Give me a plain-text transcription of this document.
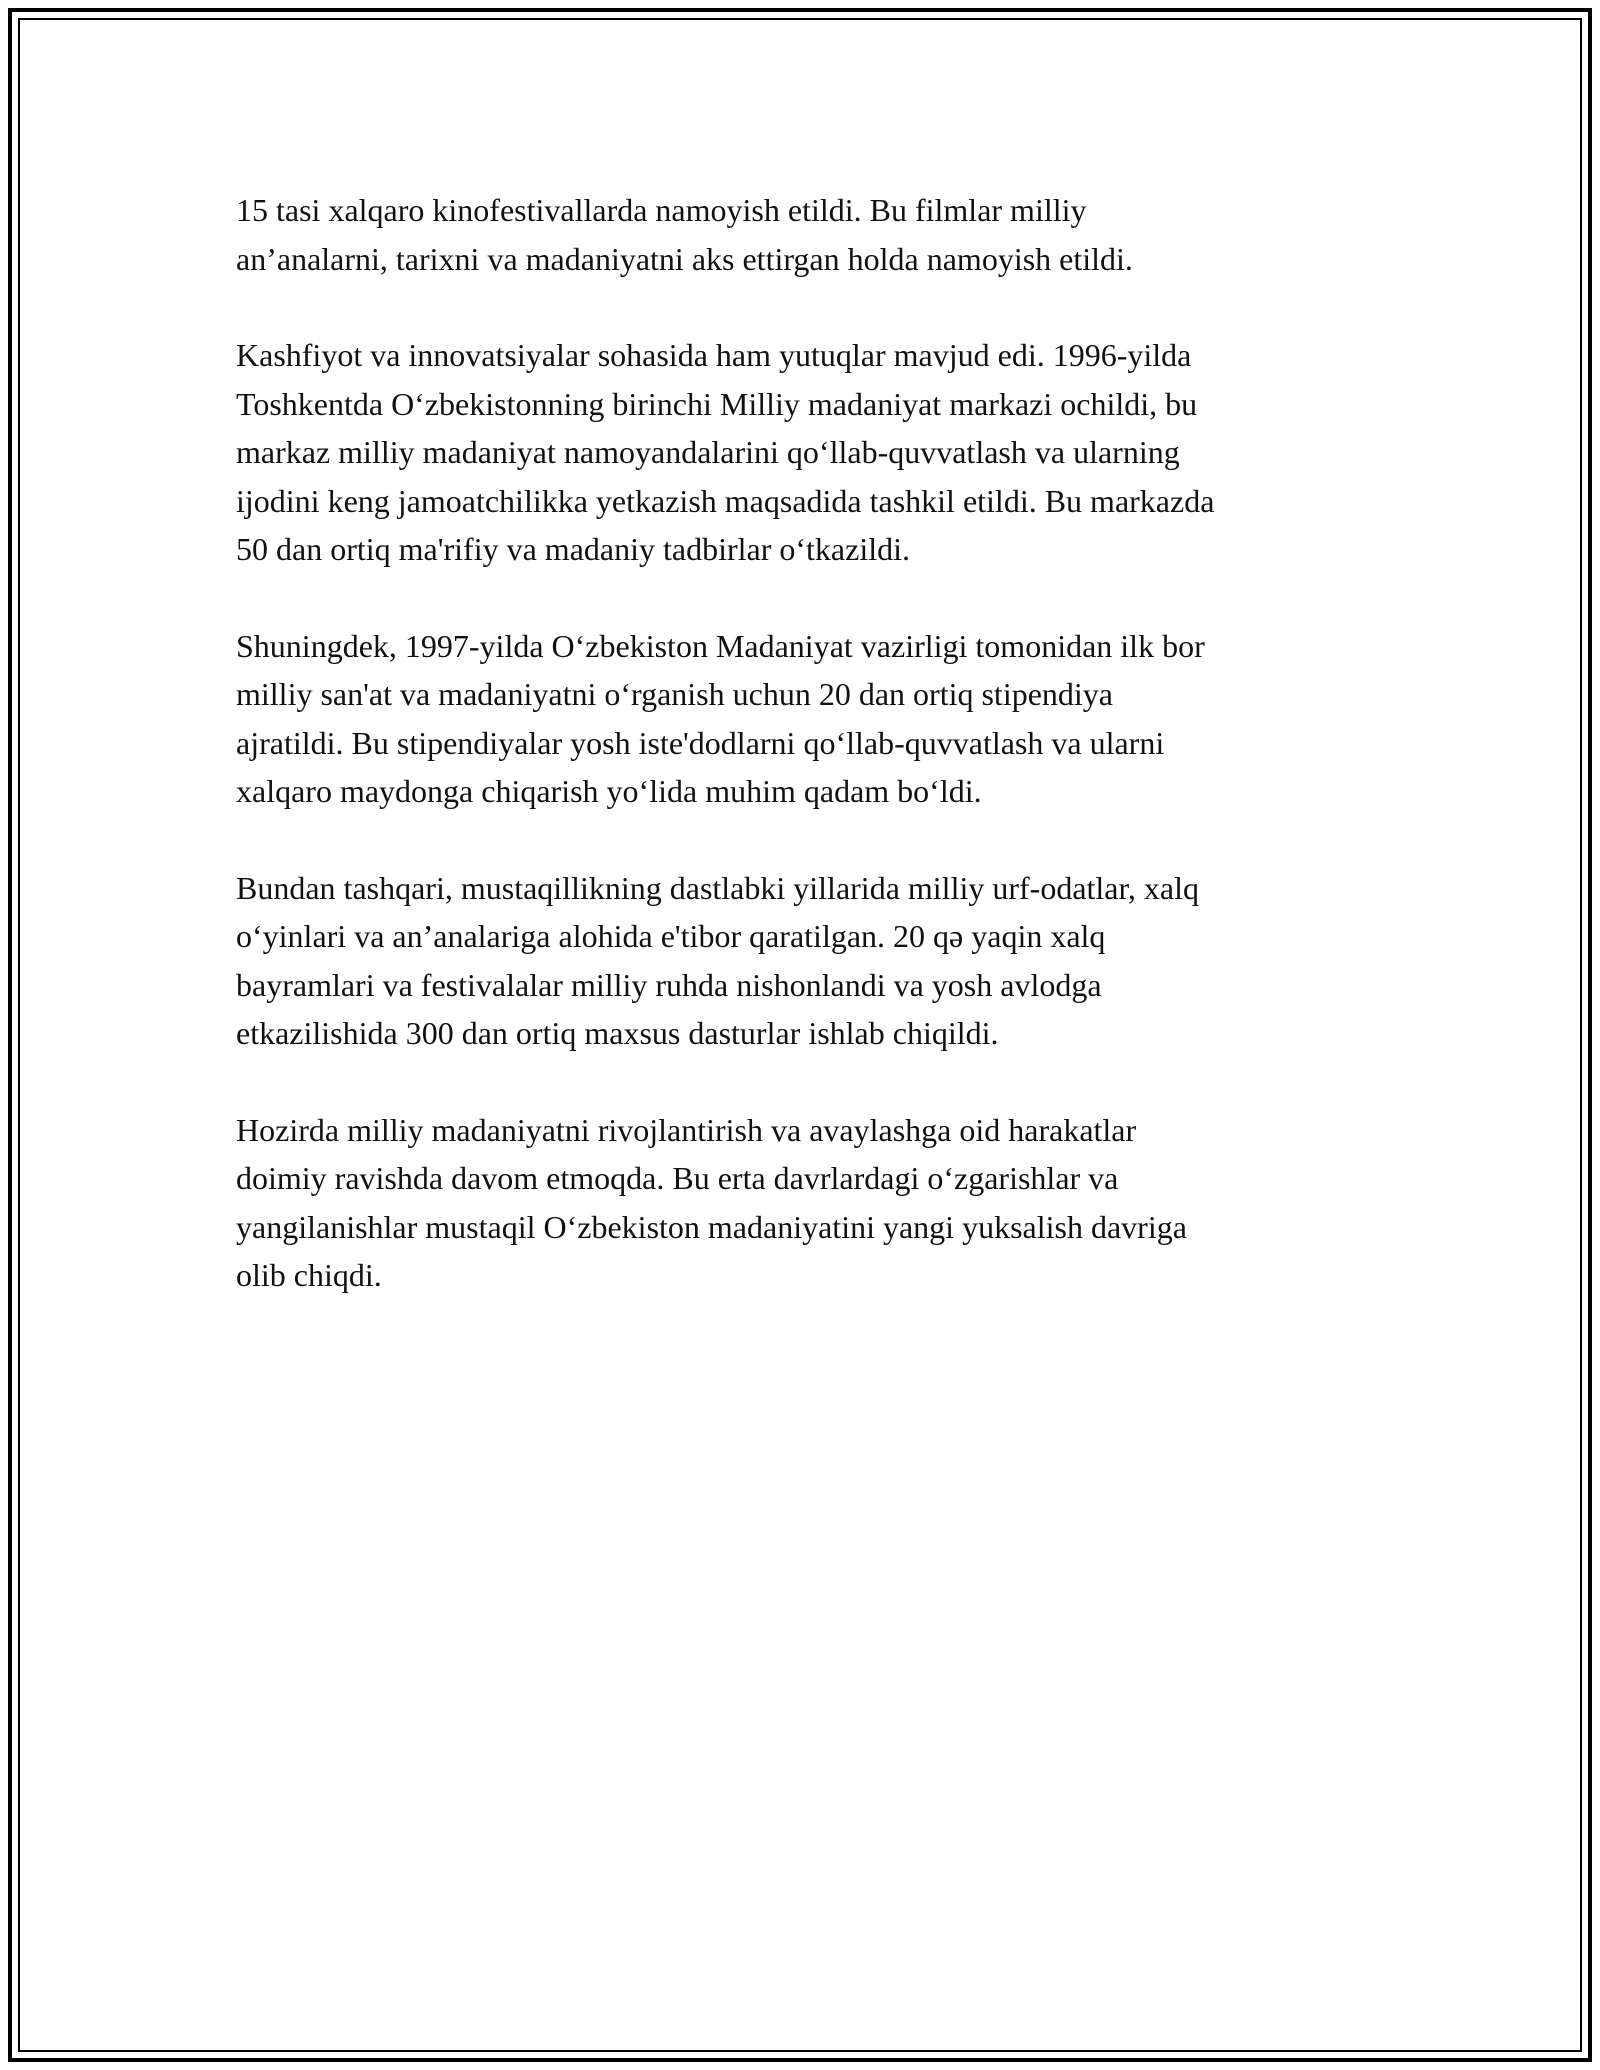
15 tasi xalqaro kinofestivallarda namoyish etildi. Bu filmlar milliy
an’analarni, tarixni va madaniyatni aks ettirgan holda namoyish etildi.

Kashfiyot va innovatsiyalar sohasida ham yutuqlar mavjud edi. 1996-yilda
Toshkentda O‘zbekistonning birinchi Milliy madaniyat markazi ochildi, bu
markaz milliy madaniyat namoyandalarini qo‘llab-quvvatlash va ularning
ijodini keng jamoatchilikka yetkazish maqsadida tashkil etildi. Bu markazda
50 dan ortiq ma'rifiy va madaniy tadbirlar o‘tkazildi.

Shuningdek, 1997-yilda O‘zbekiston Madaniyat vazirligi tomonidan ilk bor
milliy san'at va madaniyatni o‘rganish uchun 20 dan ortiq stipendiya
ajratildi. Bu stipendiyalar yosh iste'dodlarni qo‘llab-quvvatlash va ularni
xalqaro maydonga chiqarish yo‘lida muhim qadam bo‘ldi.

Bundan tashqari, mustaqillikning dastlabki yillarida milliy urf-odatlar, xalq
o‘yinlari va an’analariga alohida e'tibor qaratilgan. 20 qə yaqin xalq
bayramlari va festivalalar milliy ruhda nishonlandi va yosh avlodga
etkazilishida 300 dan ortiq maxsus dasturlar ishlab chiqildi.

Hozirda milliy madaniyatni rivojlantirish va avaylashga oid harakatlar
doimiy ravishda davom etmoqda. Bu erta davrlardagi o‘zgarishlar va
yangilanishlar mustaqil O‘zbekiston madaniyatini yangi yuksalish davriga
olib chiqdi.
